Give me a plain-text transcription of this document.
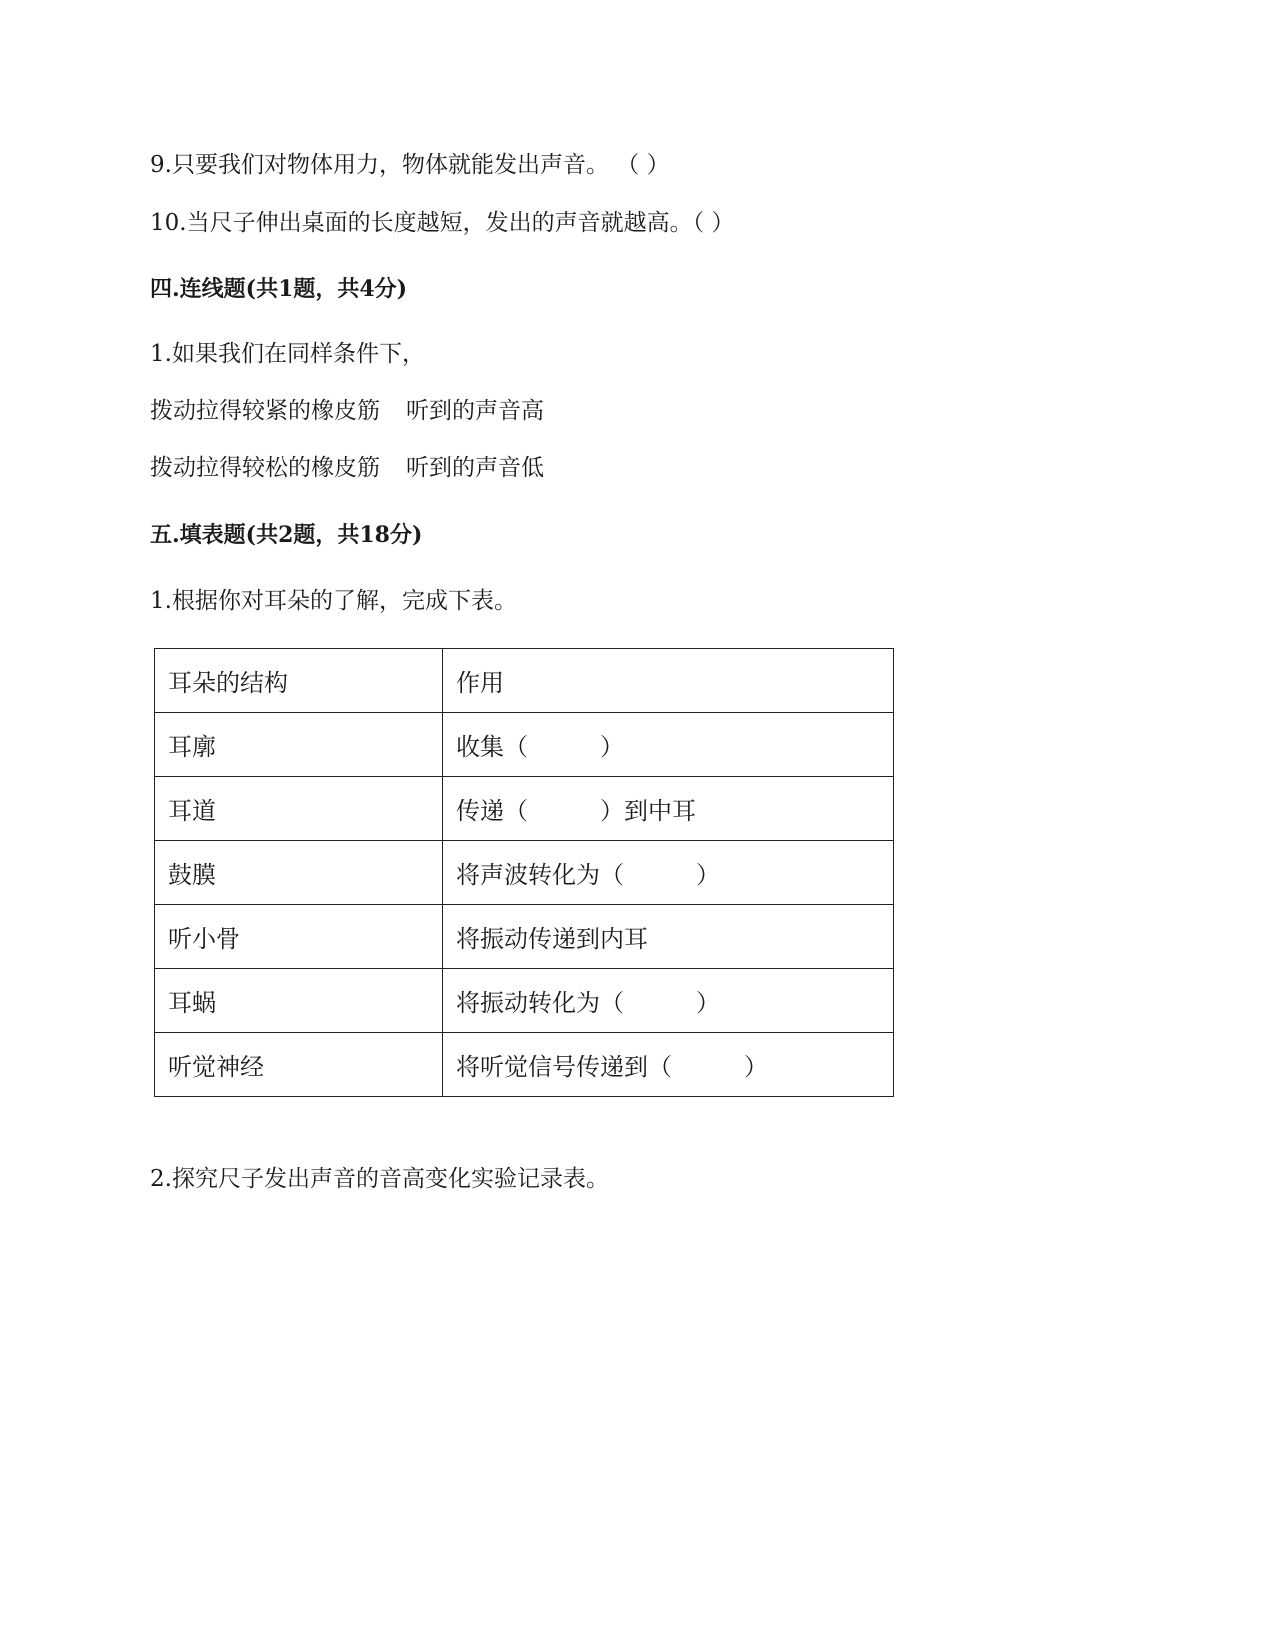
9.只要我们对物体用力，物体就能发出声音。 （ ）
10.当尺子伸出桌面的长度越短，发出的声音就越高。（ ）
四.连线题(共1题，共4分)
1.如果我们在同样条件下，
拨动拉得较紧的橡皮筋 听到的声音高
拨动拉得较松的橡皮筋 听到的声音低
五.填表题(共2题，共18分)
1.根据你对耳朵的了解，完成下表。
耳朵的结构	作用
耳廓	收集（　　　）
耳道	传递（　　　）到中耳
鼓膜	将声波转化为（　　　）
听小骨	将振动传递到内耳
耳蜗	将振动转化为（　　　）
听觉神经	将听觉信号传递到（　　　）
2.探究尺子发出声音的音高变化实验记录表。
